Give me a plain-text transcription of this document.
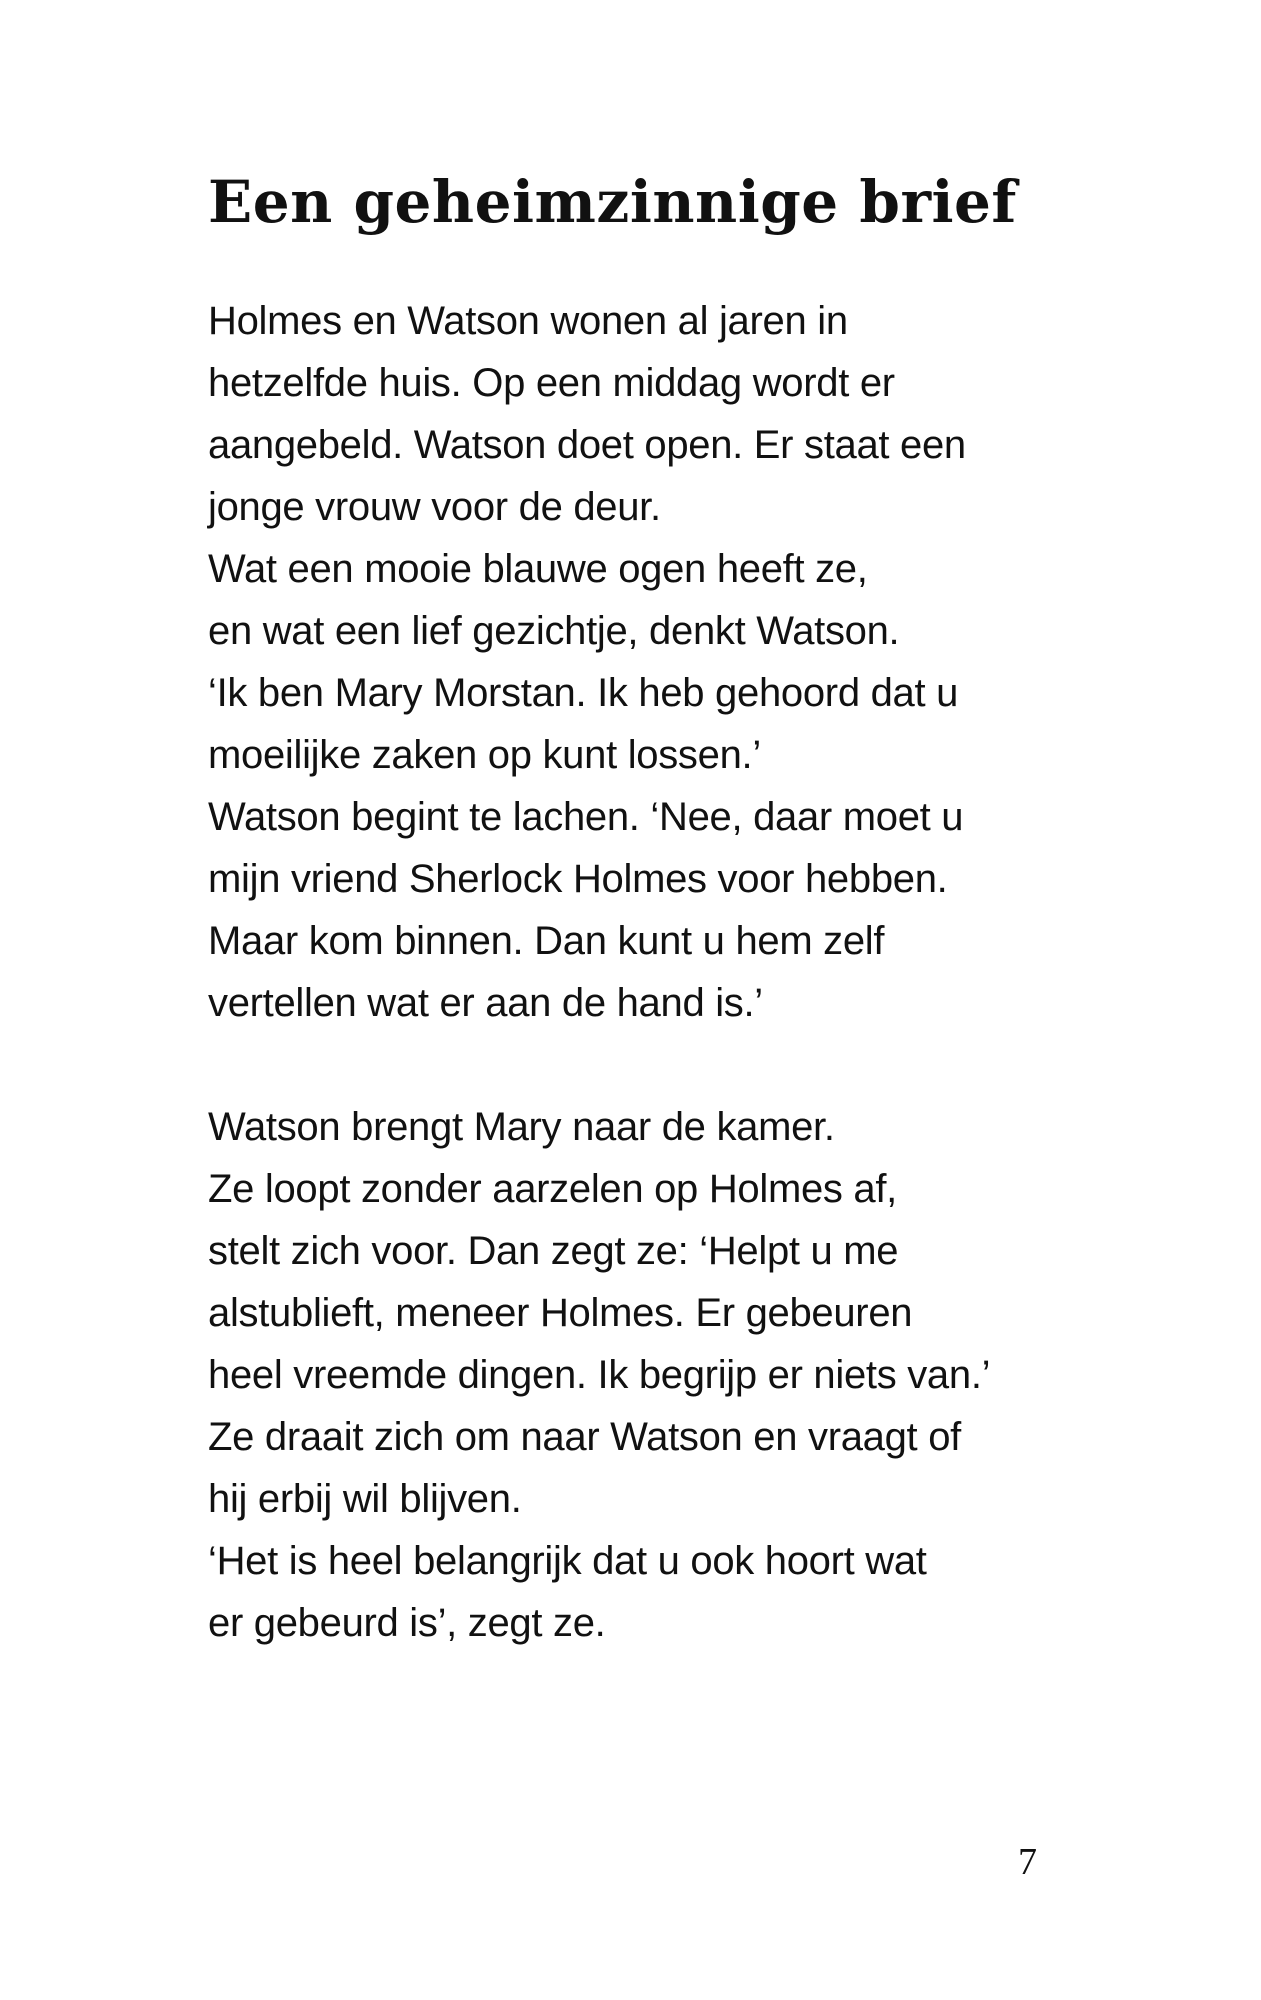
Een geheimzinnige brief
Holmes en Watson wonen al jaren in
hetzelfde huis. Op een middag wordt er
aangebeld. Watson doet open. Er staat een
jonge vrouw voor de deur.
Wat een mooie blauwe ogen heeft ze,
en wat een lief gezichtje, denkt Watson.
‘Ik ben Mary Morstan. Ik heb gehoord dat u
moeilijke zaken op kunt lossen.’
Watson begint te lachen. ‘Nee, daar moet u
mijn vriend Sherlock Holmes voor hebben.
Maar kom binnen. Dan kunt u hem zelf
vertellen wat er aan de hand is.’
Watson brengt Mary naar de kamer.
Ze loopt zonder aarzelen op Holmes af,
stelt zich voor. Dan zegt ze: ‘Helpt u me
alstublieft, meneer Holmes. Er gebeuren
heel vreemde dingen. Ik begrijp er niets van.’
Ze draait zich om naar Watson en vraagt of
hij erbij wil blijven.
‘Het is heel belangrijk dat u ook hoort wat
er gebeurd is’, zegt ze.
7
